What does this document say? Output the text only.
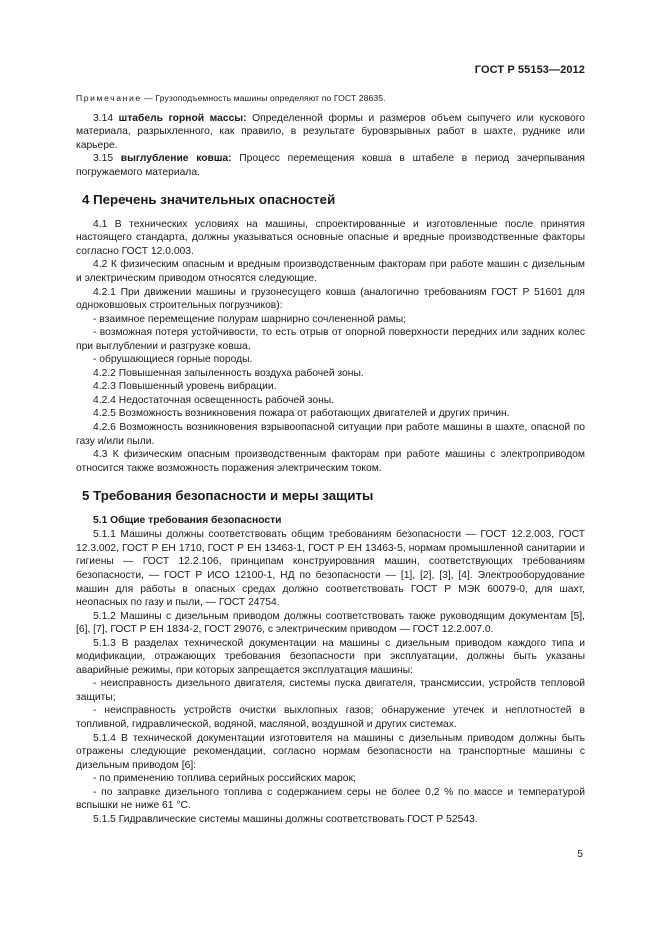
ГОСТ Р 55153—2012

Примечание — Грузоподъемность машины определяют по ГОСТ 28635.

3.14 штабель горной массы: Определенной формы и размеров объем сыпучего или кускового материала, разрыхленного, как правило, в результате буровзрывных работ в шахте, руднике или карьере.

3.15 выглубление ковша: Процесс перемещения ковша в штабеле в период зачерпывания погружаемого материала.

4 Перечень значительных опасностей

4.1 В технических условиях на машины, спроектированные и изготовленные после принятия настоящего стандарта, должны указываться основные опасные и вредные производственные факторы согласно ГОСТ 12.0.003.

4.2 К физическим опасным и вредным производственным факторам при работе машин с дизельным и электрическим приводом относятся следующие.

4.2.1 При движении машины и грузонесущего ковша (аналогично требованиям ГОСТ Р 51601 для одноковшовых строительных погрузчиков):

- взаимное перемещение полурам шарнирно сочлененной рамы;

- возможная потеря устойчивости, то есть отрыв от опорной поверхности передних или задних колес при выглублении и разгрузке ковша,

- обрушающиеся горные породы.

4.2.2 Повышенная запыленность воздуха рабочей зоны.

4.2.3 Повышенный уровень вибрации.

4.2.4 Недостаточная освещенность рабочей зоны.

4.2.5 Возможность возникновения пожара от работающих двигателей и других причин.

4.2.6 Возможность возникновения взрывоопасной ситуации при работе машины в шахте, опасной по газу и/или пыли.

4.3 К физическим опасным производственным факторам при работе машины с электроприводом относится также возможность поражения электрическим током.

5 Требования безопасности и меры защиты
5.1 Общие требования безопасности

5.1.1 Машины должны соответствовать общим требованиям безопасности — ГОСТ 12.2.003, ГОСТ 12.3.002, ГОСТ Р ЕН 1710, ГОСТ Р ЕН 13463-1, ГОСТ Р ЕН 13463-5, нормам промышленной санитарии и гигиены — ГОСТ 12.2.106, принципам конструирования машин, соответствующих требованиям безопасности, — ГОСТ Р ИСО 12100-1, НД по безопасности — [1], [2], [3], [4]. Электрооборудование машин для работы в опасных средах должно соответствовать ГОСТ Р МЭК 60079-0, для шахт, неопасных по газу и пыли, — ГОСТ 24754.

5.1.2 Машины с дизельным приводом должны соответствовать также руководящим документам [5], [6], [7], ГОСТ Р ЕН 1834-2, ГОСТ 29076, с электрическим приводом — ГОСТ 12.2.007.0.

5.1.3 В разделах технической документации на машины с дизельным приводом каждого типа и модификации, отражающих требования безопасности при эксплуатации, должны быть указаны аварийные режимы, при которых запрещается эксплуатация машины:

- неисправность дизельного двигателя, системы пуска двигателя, трансмиссии, устройств тепловой защиты;

- неисправность устройств очистки выхлопных газов; обнаружение утечек и неплотностей в топливной, гидравлической, водяной, масляной, воздушной и других системах.

5.1.4 В технической документации изготовителя на машины с дизельным приводом должны быть отражены следующие рекомендации, согласно нормам безопасности на транспортные машины с дизельным приводом [6]:

- по применению топлива серийных российских марок;

- по заправке дизельного топлива с содержанием серы не более 0,2 % по массе и температурой вспышки не ниже 61 °С.

5.1.5 Гидравлические системы машины должны соответствовать ГОСТ Р 52543.

5
